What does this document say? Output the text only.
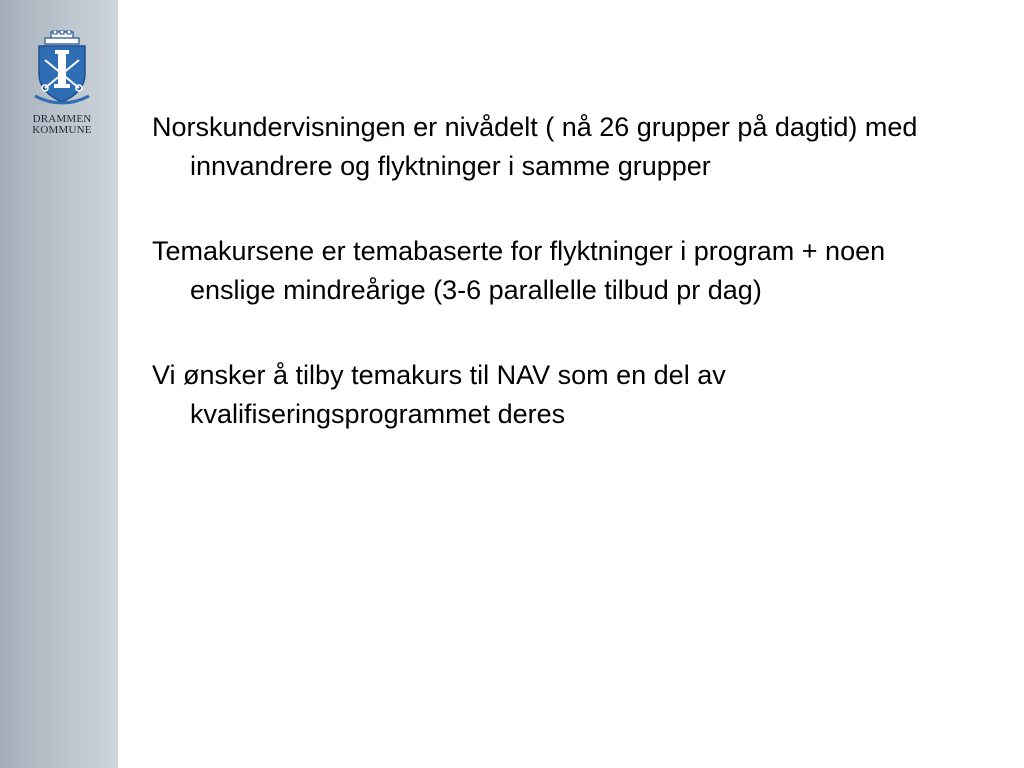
DRAMMEN
KOMMUNE	Norskundervisningen er nivådelt ( nå 26 grupper på dagtid) med innvandrere og flyktninger i samme grupper

Temakursene er temabaserte for flyktninger i program + noen enslige mindreårige (3-6 parallelle tilbud pr dag)

Vi ønsker å tilby temakurs til NAV som en del av kvalifiseringsprogrammet deres
